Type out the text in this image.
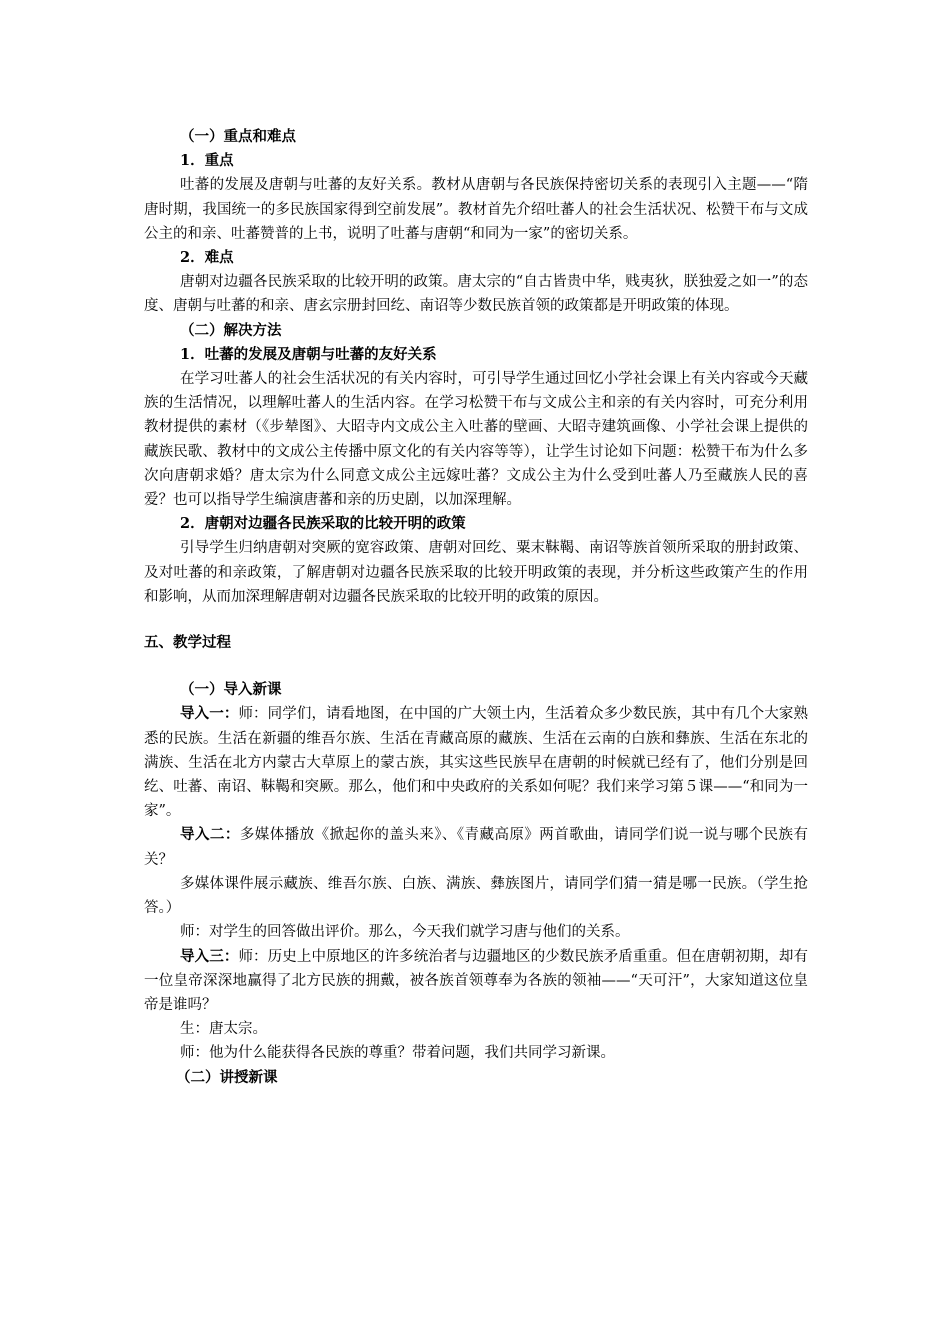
（一）重点和难点
1．重点

吐蕃的发展及唐朝与吐蕃的友好关系。教材从唐朝与各民族保持密切关系的表现引入主题——“隋唐时期，我国统一的多民族国家得到空前发展”。教材首先介绍吐蕃人的社会生活状况、松赞干布与文成公主的和亲、吐蕃赞普的上书，说明了吐蕃与唐朝“和同为一家”的密切关系。

2．难点

唐朝对边疆各民族采取的比较开明的政策。唐太宗的“自古皆贵中华，贱夷狄，朕独爱之如一”的态度、唐朝与吐蕃的和亲、唐玄宗册封回纥、南诏等少数民族首领的政策都是开明政策的体现。

（二）解决方法
1．吐蕃的发展及唐朝与吐蕃的友好关系

在学习吐蕃人的社会生活状况的有关内容时，可引导学生通过回忆小学社会课上有关内容或今天藏族的生活情况，以理解吐蕃人的生活内容。在学习松赞干布与文成公主和亲的有关内容时，可充分利用教材提供的素材（《步辇图》、大昭寺内文成公主入吐蕃的壁画、大昭寺建筑画像、小学社会课上提供的藏族民歌、教材中的文成公主传播中原文化的有关内容等等），让学生讨论如下问题：松赞干布为什么多次向唐朝求婚？唐太宗为什么同意文成公主远嫁吐蕃？文成公主为什么受到吐蕃人乃至藏族人民的喜爱？也可以指导学生编演唐蕃和亲的历史剧，以加深理解。

2．唐朝对边疆各民族采取的比较开明的政策

引导学生归纳唐朝对突厥的宽容政策、唐朝对回纥、粟末靺鞨、南诏等族首领所采取的册封政策、及对吐蕃的和亲政策，了解唐朝对边疆各民族采取的比较开明政策的表现，并分析这些政策产生的作用和影响，从而加深理解唐朝对边疆各民族采取的比较开明的政策的原因。

五、教学过程
（一）导入新课

导入一：师：同学们，请看地图，在中国的广大领土内，生活着众多少数民族，其中有几个大家熟悉的民族。生活在新疆的维吾尔族、生活在青藏高原的藏族、生活在云南的白族和彝族、生活在东北的满族、生活在北方内蒙古大草原上的蒙古族，其实这些民族早在唐朝的时候就已经有了，他们分别是回纥、吐蕃、南诏、靺鞨和突厥。那么，他们和中央政府的关系如何呢？我们来学习第５课——“和同为一家”。

导入二：多媒体播放《掀起你的盖头来》、《青藏高原》两首歌曲，请同学们说一说与哪个民族有关？

多媒体课件展示藏族、维吾尔族、白族、满族、彝族图片，请同学们猜一猜是哪一民族。（学生抢答。）

师：对学生的回答做出评价。那么，今天我们就学习唐与他们的关系。

导入三：师：历史上中原地区的许多统治者与边疆地区的少数民族矛盾重重。但在唐朝初期，却有一位皇帝深深地赢得了北方民族的拥戴，被各族首领尊奉为各族的领袖——“天可汗”，大家知道这位皇帝是谁吗？

生：唐太宗。

师：他为什么能获得各民族的尊重？带着问题，我们共同学习新课。

（二）讲授新课
